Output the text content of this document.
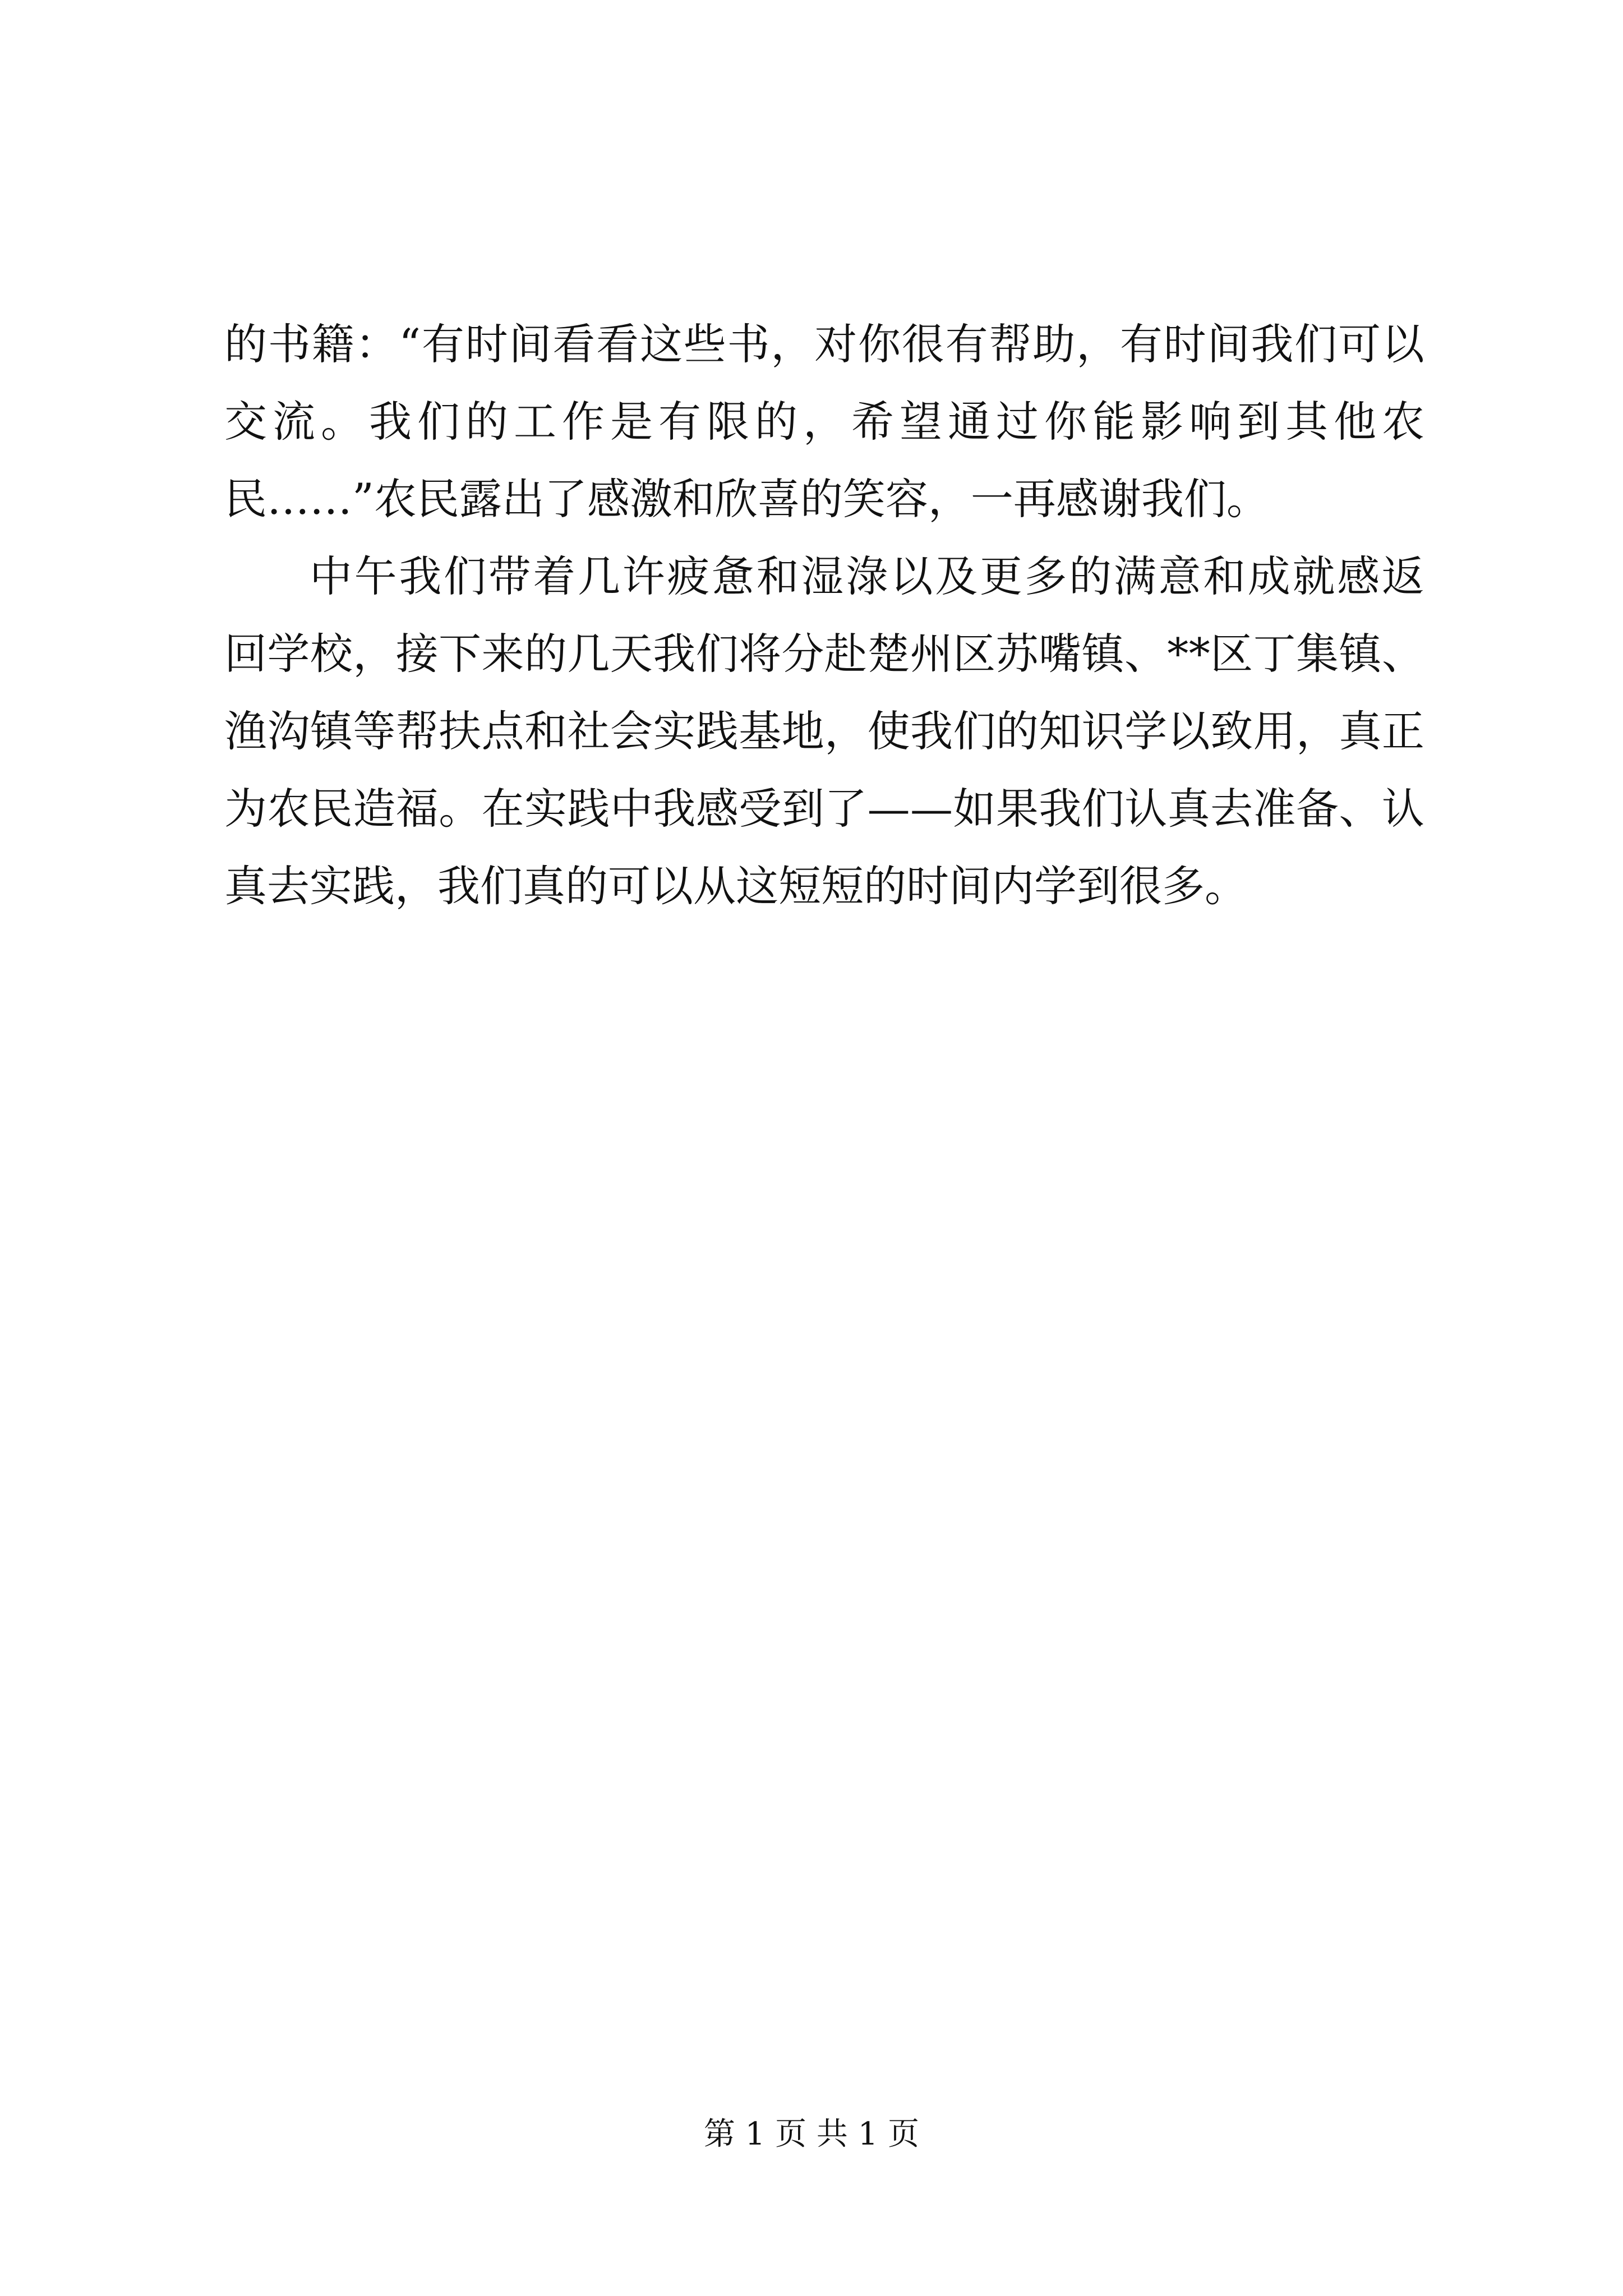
的 书 籍 ： “ 有 时 间 看 看 这 些 书 ， 对 你 很 有 帮 助 ， 有 时 间 我 们 可 以
交 流 。 我 们 的 工 作 是 有 限 的 ， 希 望 通 过 你 能 影 响 到 其 他 农
民……”农民露出了感激和欣喜的笑容，一再感谢我们。
中 午 我 们 带 着 几 许 疲 惫 和 湿 淥 以 及 更 多 的 满 意 和 成 就 感 返
回 学 校 ， 接 下 来 的 几 天 我 们 将 分 赴 楚 州 区 苏 嘴 镇 、 * * 区 丁 集 镇 、
渔 沟 镇 等 帮 扶 点 和 社 会 实 践 基 地 ， 使 我 们 的 知 识 学 以 致 用 ， 真 正
为 农 民 造 福 。 在 实 践 中 我 感 受 到 了 — — 如 果 我 们 认 真 去 准 备 、 认
真去实践，我们真的可以从这短短的时间内学到很多。
第 1 页 共 1 页
